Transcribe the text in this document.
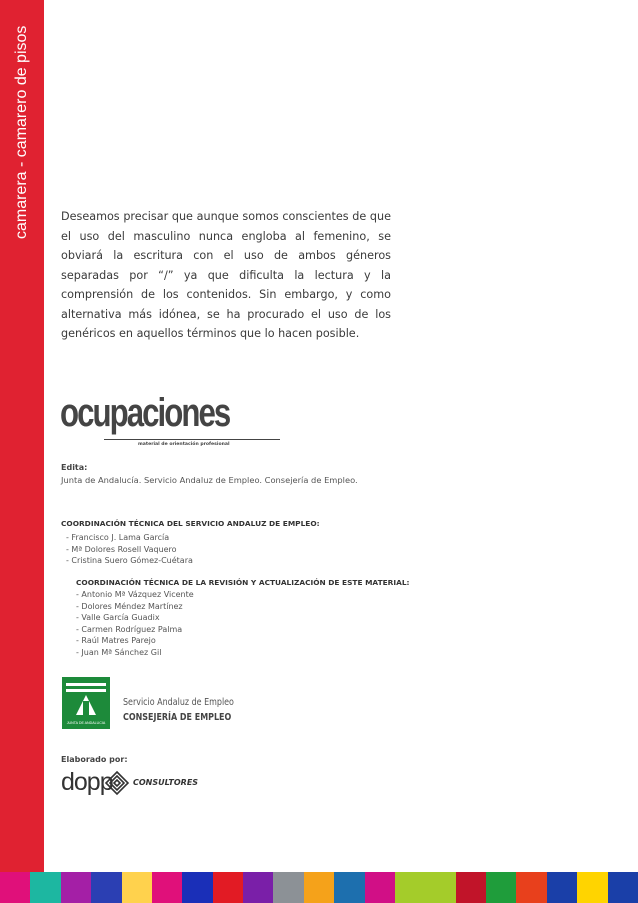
camarera - camarero de pisos	Deseamos precisar que aunque somos conscientes de que el uso del masculino nunca engloba al femenino, se obviará la escritura con el uso de ambos géneros separadas por “/” ya que dificulta la lectura y la comprensión de los contenidos. Sin embargo, y como alternativa más idónea, se ha procurado el uso de los genéricos en aquellos términos que lo hacen posible.
ocupaciones
material de orientación profesional
Edita:
Junta de Andalucía. Servicio Andaluz de Empleo. Consejería de Empleo.
COORDINACIÓN TÉCNICA DEL SERVICIO ANDALUZ DE EMPLEO:
- Francisco J. Lama García
- Mª Dolores Rosell Vaquero
- Cristina Suero Gómez-Cuétara
COORDINACIÓN TÉCNICA DE LA REVISIÓN Y ACTUALIZACIÓN DE ESTE MATERIAL:
- Antonio Mª Vázquez Vicente
- Dolores Méndez Martínez
- Valle García Guadix
- Carmen Rodríguez Palma
- Raúl Matres Parejo
- Juan Mª Sánchez Gil
JUNTA DE ANDALUCIA
Servicio Andaluz de Empleo
CONSEJERÍA DE EMPLEO
Elaborado por:
dopp	CONSULTORES
